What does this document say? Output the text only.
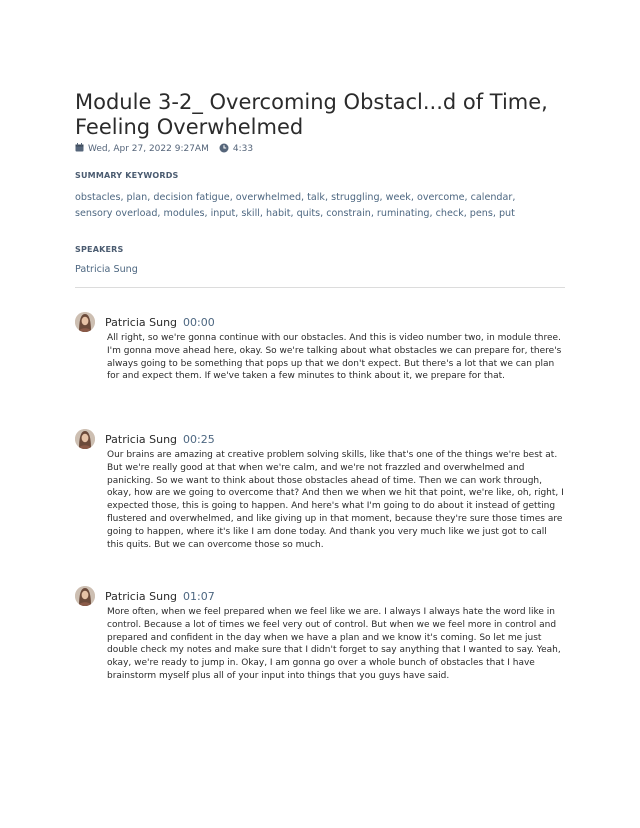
Module 3-2_ Overcoming Obstacl...d of Time, Feeling Overwhelmed
Wed, Apr 27, 2022 9:27AM	4:33
SUMMARY KEYWORDS
obstacles, plan, decision fatigue, overwhelmed, talk, struggling, week, overcome, calendar, sensory overload, modules, input, skill, habit, quits, constrain, ruminating, check, pens, put
SPEAKERS
Patricia Sung
Patricia Sung 00:00
All right, so we're gonna continue with our obstacles. And this is video number two, in module three. I'm gonna move ahead here, okay. So we're talking about what obstacles we can prepare for, there's always going to be something that pops up that we don't expect. But there's a lot that we can plan for and expect them. If we've taken a few minutes to think about it, we prepare for that.
Patricia Sung 00:25
Our brains are amazing at creative problem solving skills, like that's one of the things we're best at. But we're really good at that when we're calm, and we're not frazzled and overwhelmed and panicking. So we want to think about those obstacles ahead of time. Then we can work through, okay, how are we going to overcome that? And then we when we hit that point, we're like, oh, right, I expected those, this is going to happen. And here's what I'm going to do about it instead of getting flustered and overwhelmed, and like giving up in that moment, because they're sure those times are going to happen, where it's like I am done today. And thank you very much like we just got to call this quits. But we can overcome those so much.
Patricia Sung 01:07
More often, when we feel prepared when we feel like we are. I always I always hate the word like in control. Because a lot of times we feel very out of control. But when we we feel more in control and prepared and confident in the day when we have a plan and we know it's coming. So let me just double check my notes and make sure that I didn't forget to say anything that I wanted to say. Yeah, okay, we're ready to jump in. Okay, I am gonna go over a whole bunch of obstacles that I have brainstorm myself plus all of your input into things that you guys have said.
